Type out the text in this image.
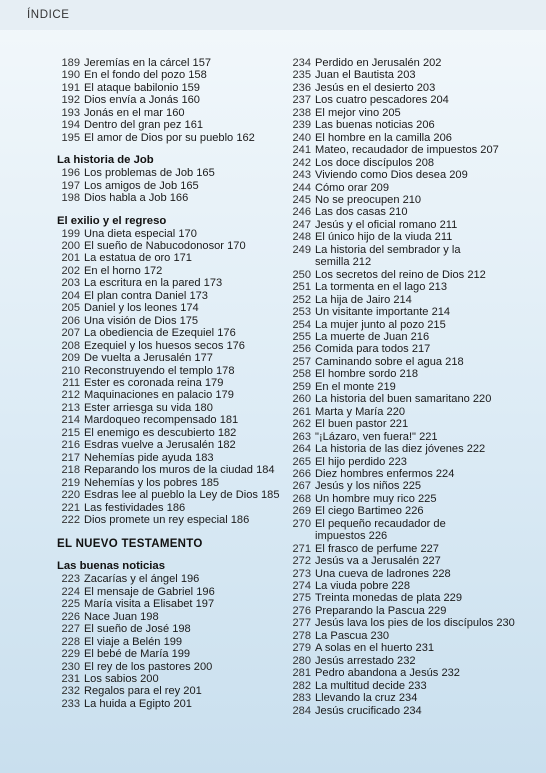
ÍNDICE
189 Jeremías en la cárcel
157
190 En el fondo del pozo
158
191 El ataque babilonio
159
192 Dios envía a Jonás
160
193 Jonás en el mar
160
194 Dentro del gran pez
161
195 El amor de Dios por su pueblo
162
La historia de Job
196 Los problemas de Job
165
197 Los amigos de Job
165
198 Dios habla a Job
166
El exilio y el regreso
199 Una dieta especial
170
200 El sueño de Nabucodonosor
170
201 La estatua de oro
171
202 En el horno
172
203 La escritura en la pared
173
204 El plan contra Daniel
173
205 Daniel y los leones
174
206 Una visión de Dios
175
207 La obediencia de Ezequiel
176
208 Ezequiel y los huesos secos
176
209 De vuelta a Jerusalén
177
210 Reconstruyendo el templo
178
211 Ester es coronada reina
179
212 Maquinaciones en palacio
179
213 Ester arriesga su vida
180
214 Mardoqueo recompensado
181
215 El enemigo es descubierto
182
216 Esdras vuelve a Jerusalén
182
217 Nehemías pide ayuda
183
218 Reparando los muros de la ciudad
184
219 Nehemías y los pobres
185
220 Esdras lee al pueblo la Ley de Dios
185
221 Las festividades
186
222 Dios promete un rey especial
186
EL NUEVO TESTAMENTO
Las buenas noticias
223 Zacarías y el ángel
196
224 El mensaje de Gabriel
196
225 María visita a Elisabet
197
226 Nace Juan
198
227 El sueño de José
198
228 El viaje a Belén
199
229 El bebé de María
199
230 El rey de los pastores
200
231 Los sabios
200
232 Regalos para el rey
201
233 La huida a Egipto
201
234 Perdido en Jerusalén
202
235 Juan el Bautista
203
236 Jesús en el desierto
203
237 Los cuatro pescadores
204
238 El mejor vino
205
239 Las buenas noticias
206
240 El hombre en la camilla
206
241 Mateo, recaudador de impuestos
207
242 Los doce discípulos
208
243 Viviendo como Dios desea
209
244 Cómo orar
209
245 No se preocupen
210
246 Las dos casas
210
247 Jesús y el oficial romano
211
248 El único hijo de la viuda
211
249 La historia del sembrador y la
semilla 212
250 Los secretos del reino de Dios
212
251 La tormenta en el lago
213
252 La hija de Jairo
214
253 Un visitante importante
214
254 La mujer junto al pozo
215
255 La muerte de Juan
216
256 Comida para todos
217
257 Caminando sobre el agua
218
258 El hombre sordo
218
259 En el monte
219
260 La historia del buen samaritano
220
261 Marta y María
220
262 El buen pastor
221
263 "¡Lázaro, ven fuera!"
221
264 La historia de las diez jóvenes
222
265 El hijo perdido
223
266 Diez hombres enfermos
224
267 Jesús y los niños
225
268 Un hombre muy rico
225
269 El ciego Bartimeo
226
270 El pequeño recaudador de
impuestos 226
271 El frasco de perfume
227
272 Jesús va a Jerusalén
227
273 Una cueva de ladrones
228
274 La viuda pobre
228
275 Treinta monedas de plata
229
276 Preparando la Pascua
229
277 Jesús lava los pies de los discípulos
230
278 La Pascua
230
279 A solas en el huerto
231
280 Jesús arrestado
232
281 Pedro abandona a Jesús
232
282 La multitud decide
233
283 Llevando la cruz
234
284 Jesús crucificado
234
